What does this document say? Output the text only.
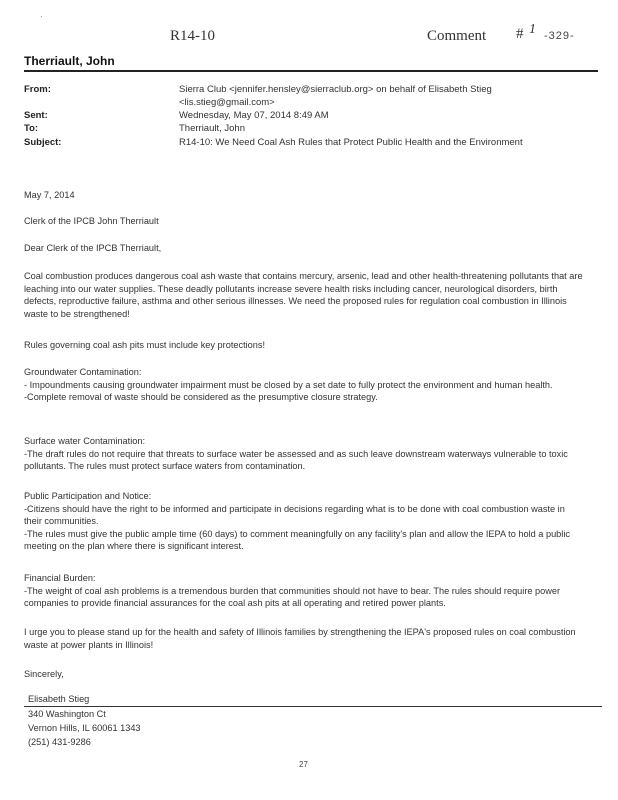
·
R14-10	Comment # 1 -329-
Therriault, John
From:	Sierra Club <jennifer.hensley@sierraclub.org> on behalf of Elisabeth Stieg
<lis.stieg@gmail.com>
Sent:	Wednesday, May 07, 2014 8:49 AM
To:	Therriault, John
Subject:	R14-10: We Need Coal Ash Rules that Protect Public Health and the Environment
May 7, 2014
Clerk of the IPCB John Therriault
Dear Clerk of the IPCB Therriault,
Coal combustion produces dangerous coal ash waste that contains mercury, arsenic, lead and other health-threatening pollutants that are leaching into our water supplies. These deadly pollutants increase severe health risks including cancer, neurological disorders, birth defects, reproductive failure, asthma and other serious illnesses. We need the proposed rules for regulation coal combustion in Illinois waste to be strengthened!
Rules governing coal ash pits must include key protections!

Groundwater Contamination:

- Impoundments causing groundwater impairment must be closed by a set date to fully protect the environment and human health.

-Complete removal of waste should be considered as the presumptive closure strategy.

Surface water Contamination:

-The draft rules do not require that threats to surface water be assessed and as such leave downstream waterways vulnerable to toxic pollutants. The rules must protect surface waters from contamination.

Public Participation and Notice:

-Citizens should have the right to be informed and participate in decisions regarding what is to be done with coal combustion waste in their communities.

-The rules must give the public ample time (60 days) to comment meaningfully on any facility's plan and allow the IEPA to hold a public meeting on the plan where there is significant interest.

Financial Burden:

-The weight of coal ash problems is a tremendous burden that communities should not have to bear. The rules should require power companies to provide financial assurances for the coal ash pits at all operating and retired power plants.

I urge you to please stand up for the health and safety of Illinois families by strengthening the IEPA's proposed rules on coal combustion waste at power plants in Illinois!
Sincerely,
Elisabeth Stieg
340 Washington Ct
Vernon Hills, IL 60061 1343
(251) 431-9286
27
